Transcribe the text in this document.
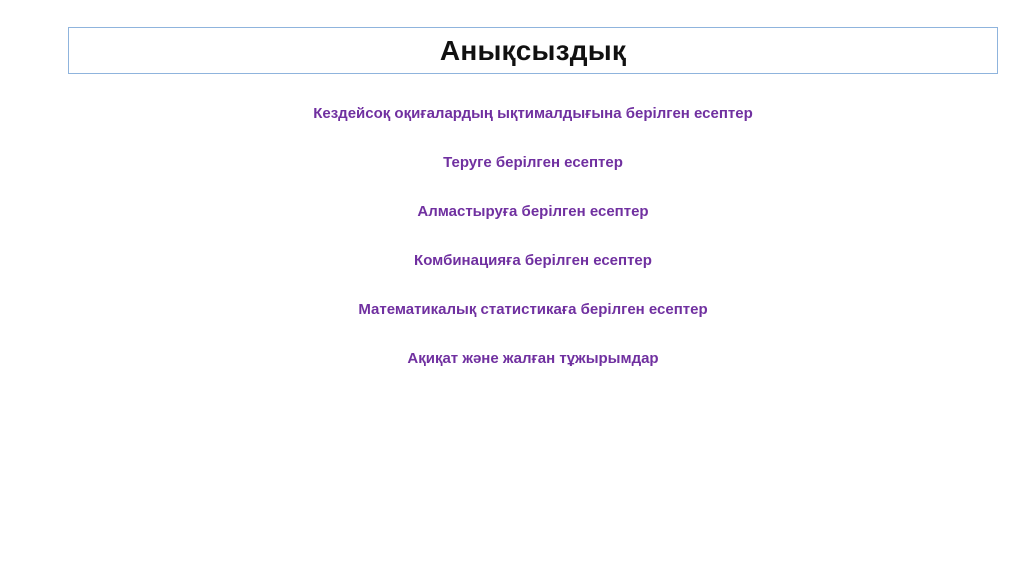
Анықсыздық
Кездейсоқ оқиғалардың ықтималдығына берілген есептер
Теруге берілген есептер
Алмастыруға берілген есептер
Комбинацияға берілген есептер
Математикалық статистикаға берілген есептер
Ақиқат және жалған тұжырымдар
